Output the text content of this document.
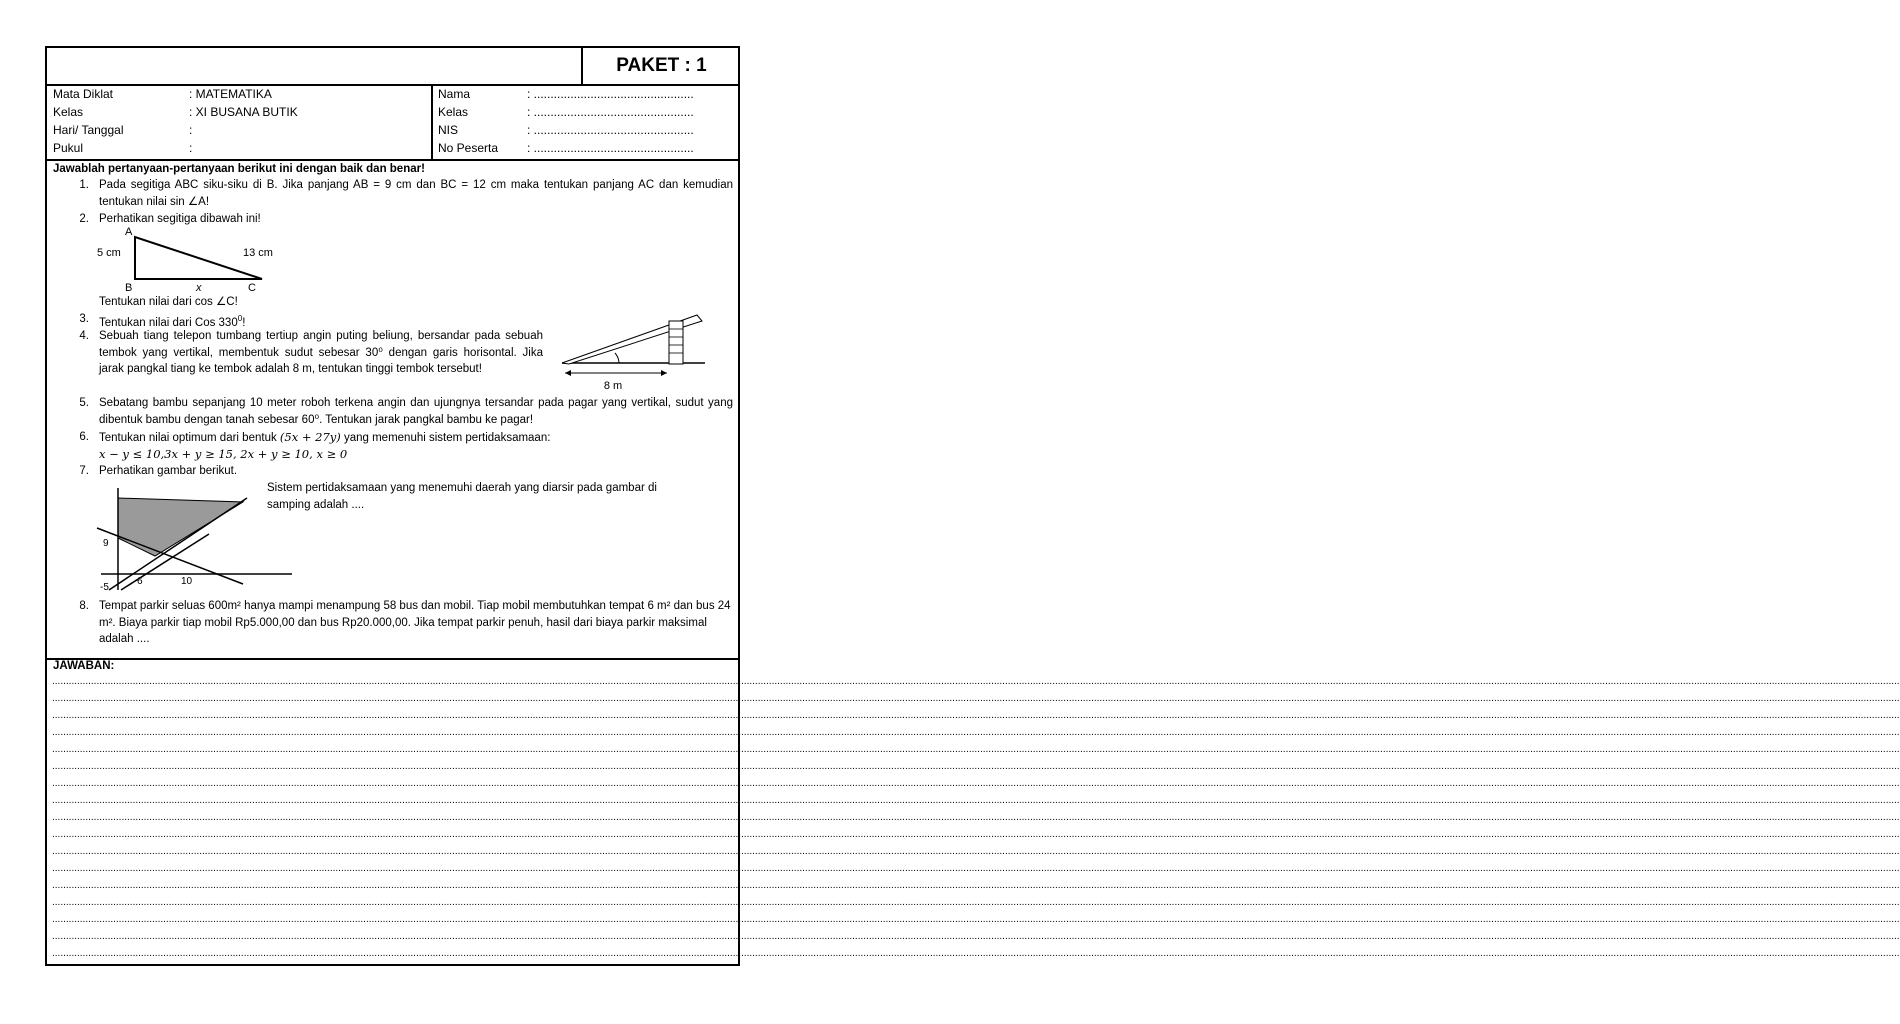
PAKET : 1
Mata Diklat	: MATEMATIKA
Kelas	: XI BUSANA BUTIK
Hari/ Tanggal	:
Pukul	:
Nama	: ................................................
Kelas	: ................................................
NIS	: ................................................
No Peserta : ................................................
Jawablah pertanyaan-pertanyaan berikut ini dengan baik dan benar!
1. Pada segitiga ABC siku-siku di B. Jika panjang AB = 9 cm dan BC = 12 cm maka tentukan panjang AC dan kemudian tentukan nilai sin ∠A!
2. Perhatikan segitiga dibawah ini!
A
B	C
x
5 cm	13 cm
Tentukan nilai dari cos ∠C!
3. Tentukan nilai dari Cos $330^0$!
4. Sebuah tiang telepon tumbang tertiup angin puting beliung, bersandar pada sebuah tembok yang vertikal, membentuk sudut sebesar 30⁰ dengan garis horisontal. Jika jarak pangkal tiang ke tembok adalah 8 m, tentukan tinggi tembok tersebut!
8 m
5. Sebatang bambu sepanjang 10 meter roboh terkena angin dan ujungnya tersandar pada pagar yang vertikal, sudut yang dibentuk bambu dengan tanah sebesar 60⁰. Tentukan jarak pangkal bambu ke pagar!
6. Tentukan nilai optimum dari bentuk (5x + 27y) yang memenuhi sistem pertidaksamaan:
x − y ≤ 10,3x + y ≥ 15, 2x + y ≥ 10, x ≥ 0
7. Perhatikan gambar berikut.
Sistem pertidaksamaan yang menemuhi daerah yang diarsir pada gambar di samping adalah ....
9
-5
6	10
8. Tempat parkir seluas 600m² hanya mampi menampung 58 bus dan mobil. Tiap mobil membutuhkan tempat 6 m² dan bus 24 m². Biaya parkir tiap mobil Rp5.000,00 dan bus Rp20.000,00. Jika tempat parkir penuh, hasil dari biaya parkir maksimal adalah ....
JAWABAN:
.........................................................................................................................................................................................................................................................................................................................................................................................................................................................................................................................................................................................................................................................................................
.........................................................................................................................................................................................................................................................................................................................................................................................................................................................................................................................................................................................................................................................................................
.........................................................................................................................................................................................................................................................................................................................................................................................................................................................................................................................................................................................................................................................................................
.........................................................................................................................................................................................................................................................................................................................................................................................................................................................................................................................................................................................................................................................................................
.........................................................................................................................................................................................................................................................................................................................................................................................................................................................................................................................................................................................................................................................................................
.........................................................................................................................................................................................................................................................................................................................................................................................................................................................................................................................................................................................................................................................................................
.........................................................................................................................................................................................................................................................................................................................................................................................................................................................................................................................................................................................................................................................................................
.........................................................................................................................................................................................................................................................................................................................................................................................................................................................................................................................................................................................................................................................................................
.........................................................................................................................................................................................................................................................................................................................................................................................................................................................................................................................................................................................................................................................................................
.........................................................................................................................................................................................................................................................................................................................................................................................................................................................................................................................................................................................................................................................................................
.........................................................................................................................................................................................................................................................................................................................................................................................................................................................................................................................................................................................................................................................................................
.........................................................................................................................................................................................................................................................................................................................................................................................................................................................................................................................................................................................................................................................................................
.........................................................................................................................................................................................................................................................................................................................................................................................................................................................................................................................................................................................................................................................................................
.........................................................................................................................................................................................................................................................................................................................................................................................................................................................................................................................................................................................................................................................................................
.........................................................................................................................................................................................................................................................................................................................................................................................................................................................................................................................................................................................................................................................................................
.........................................................................................................................................................................................................................................................................................................................................................................................................................................................................................................................................................................................................................................................................................
.........................................................................................................................................................................................................................................................................................................................................................................................................................................................................................................................................................................................................................................................................................
